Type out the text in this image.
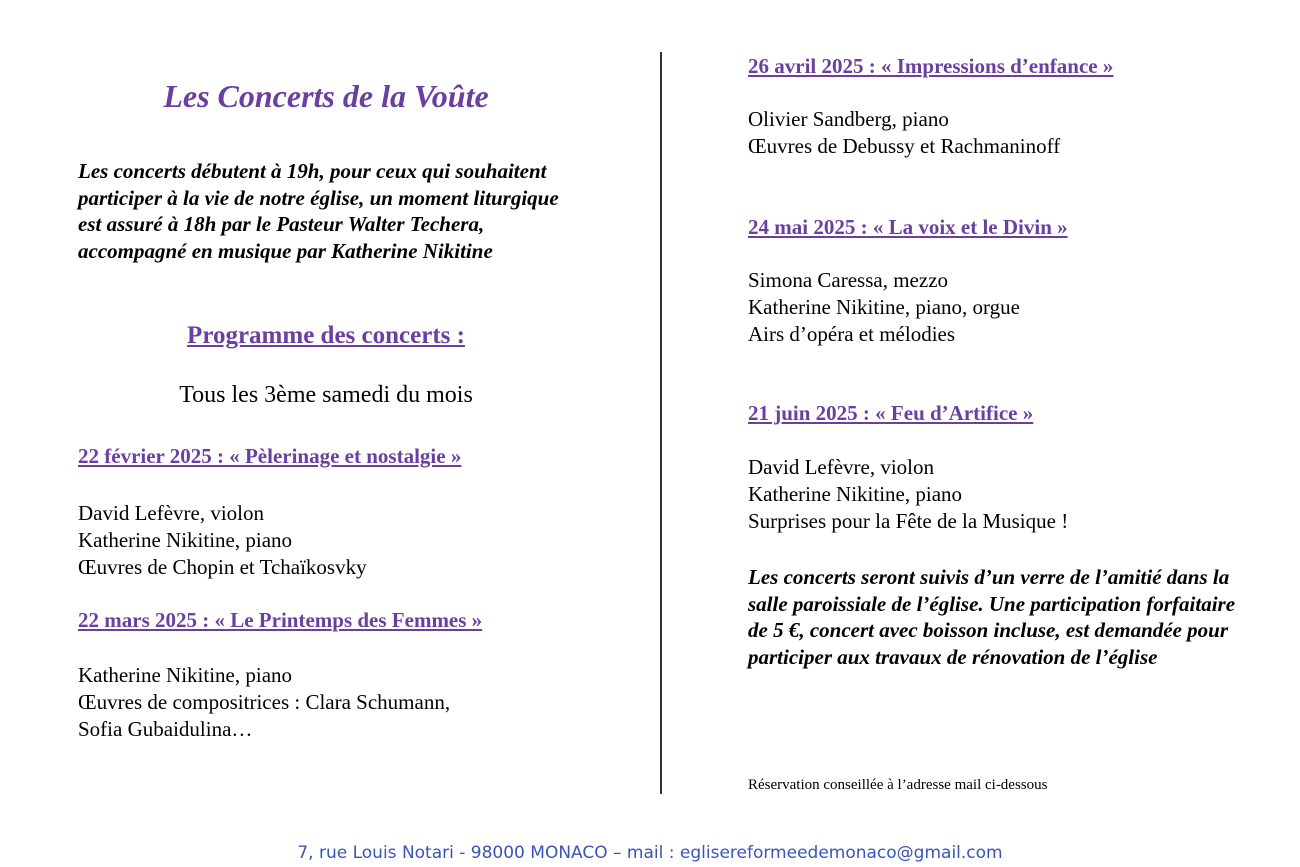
Les Concerts de la Voûte
Les concerts débutent à 19h, pour ceux qui souhaitent participer à la vie de notre église, un moment liturgique est assuré à 18h par le Pasteur Walter Techera, accompagné en musique par Katherine Nikitine
Programme des concerts :
Tous les 3ème samedi du mois
22 février 2025 : « Pèlerinage et nostalgie »
David Lefèvre, violon
Katherine Nikitine, piano
Œuvres de Chopin et Tchaïkosvky
22 mars 2025 : « Le Printemps des Femmes »
Katherine Nikitine, piano
Œuvres de compositrices : Clara Schumann,
Sofia Gubaidulina…
26 avril 2025 : « Impressions d’enfance »
Olivier Sandberg, piano
Œuvres de Debussy et Rachmaninoff
24 mai 2025 : « La voix et le Divin »
Simona Caressa, mezzo
Katherine Nikitine, piano, orgue
Airs d’opéra et mélodies
21 juin 2025 : « Feu d’Artifice »
David Lefèvre, violon
Katherine Nikitine, piano
Surprises pour la Fête de la Musique !
Les concerts seront suivis d’un verre de l’amitié dans la salle paroissiale de l’église. Une participation forfaitaire de 5 €, concert avec boisson incluse, est demandée pour participer aux travaux de rénovation de l’église
Réservation conseillée à l’adresse mail ci-dessous
7, rue Louis Notari - 98000 MONACO – mail : eglisereformeedemonaco@gmail.com
